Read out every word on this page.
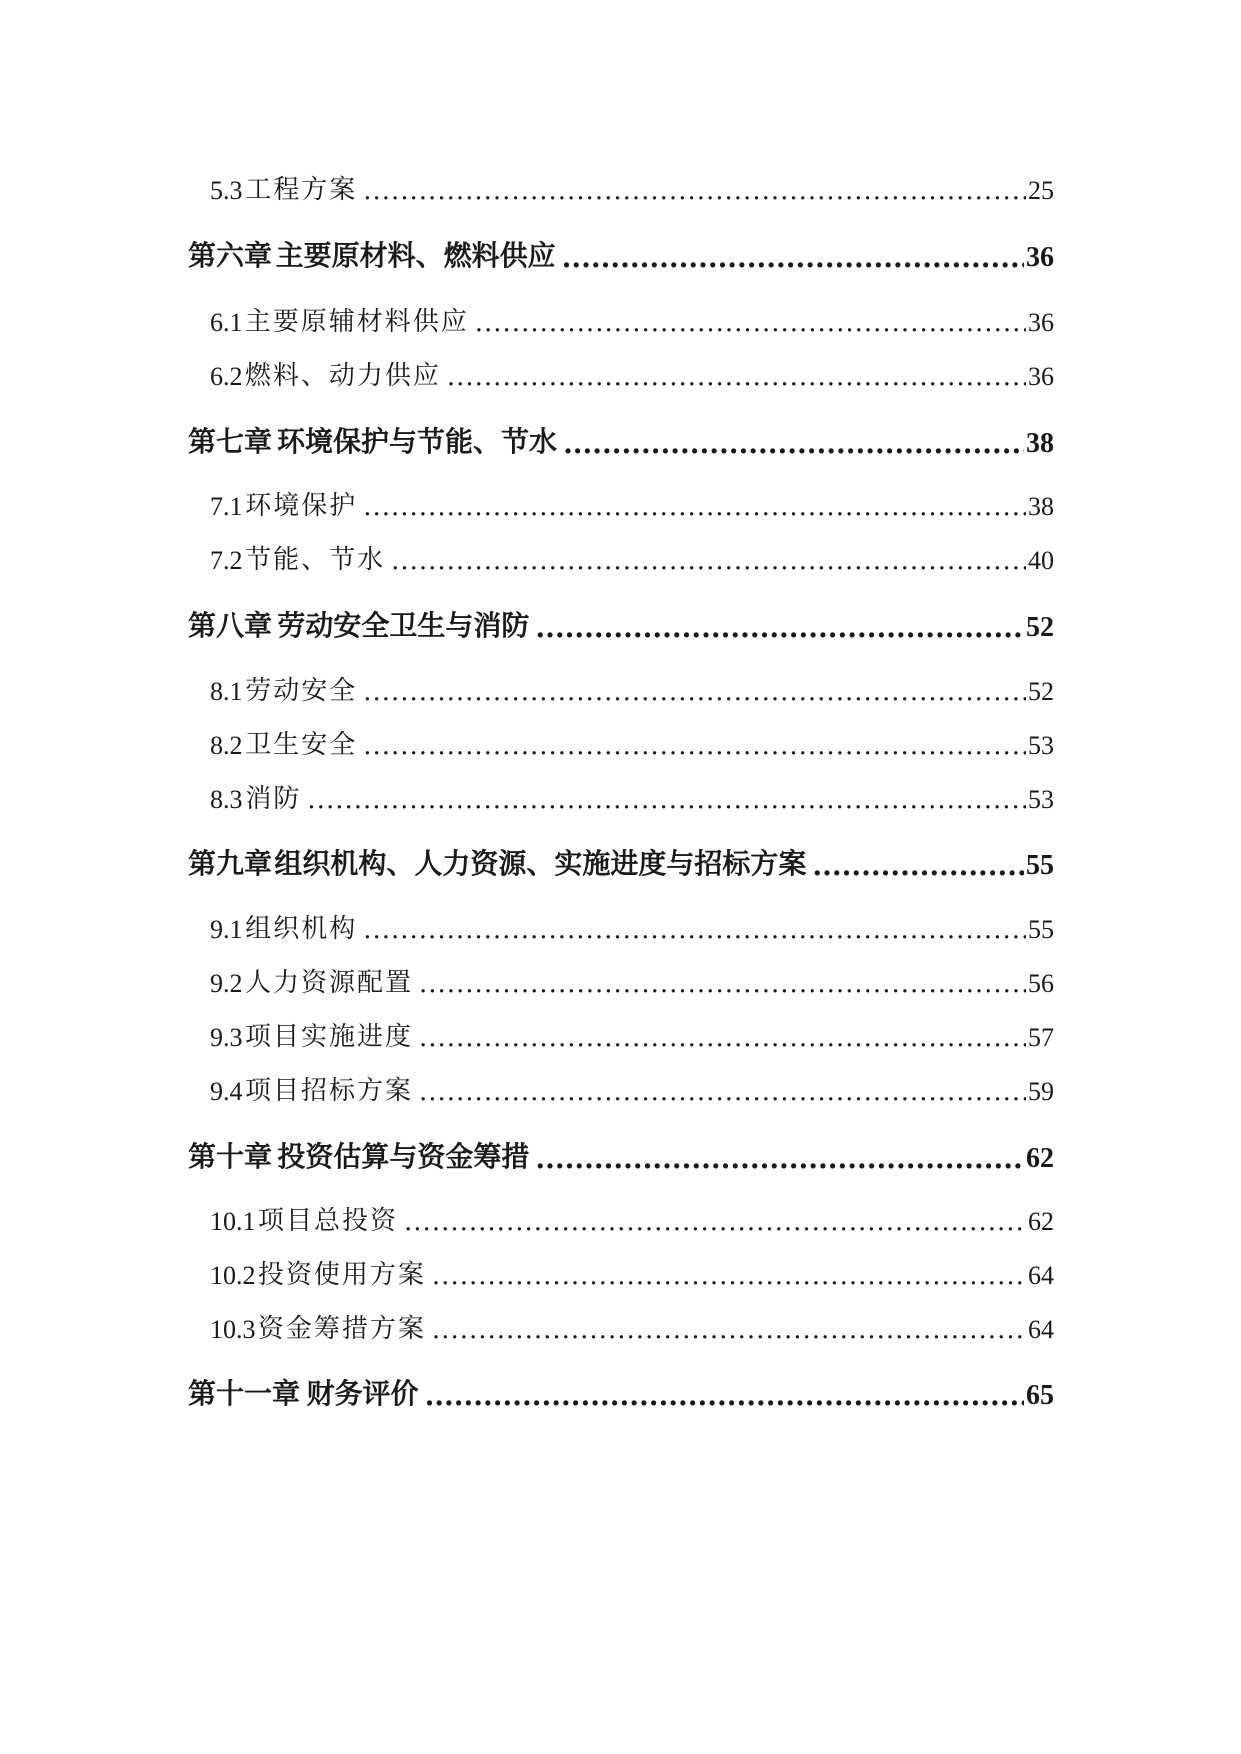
5.3 工程方案 .....	25
第六章 主要原材料、燃料供应 .....	36
6.1 主要原辅材料供应 .....	36
6.2 燃料、动力供应 .....	36
第七章 环境保护与节能、节水 .....	38
7.1 环境保护 .....	38
7.2 节能、节水 .....	40
第八章 劳动安全卫生与消防 .....	52
8.1 劳动安全 .....	52
8.2 卫生安全 .....	53
8.3 消防 .....	53
第九章 组织机构、人力资源、实施进度与招标方案 .....	55
9.1 组织机构 .....	55
9.2 人力资源配置 .....	56
9.3 项目实施进度 .....	57
9.4 项目招标方案 .....	59
第十章 投资估算与资金筹措 .....	62
10.1 项目总投资 .....	62
10.2 投资使用方案 .....	64
10.3 资金筹措方案 .....	64
第十一章 财务评价 .....	65
